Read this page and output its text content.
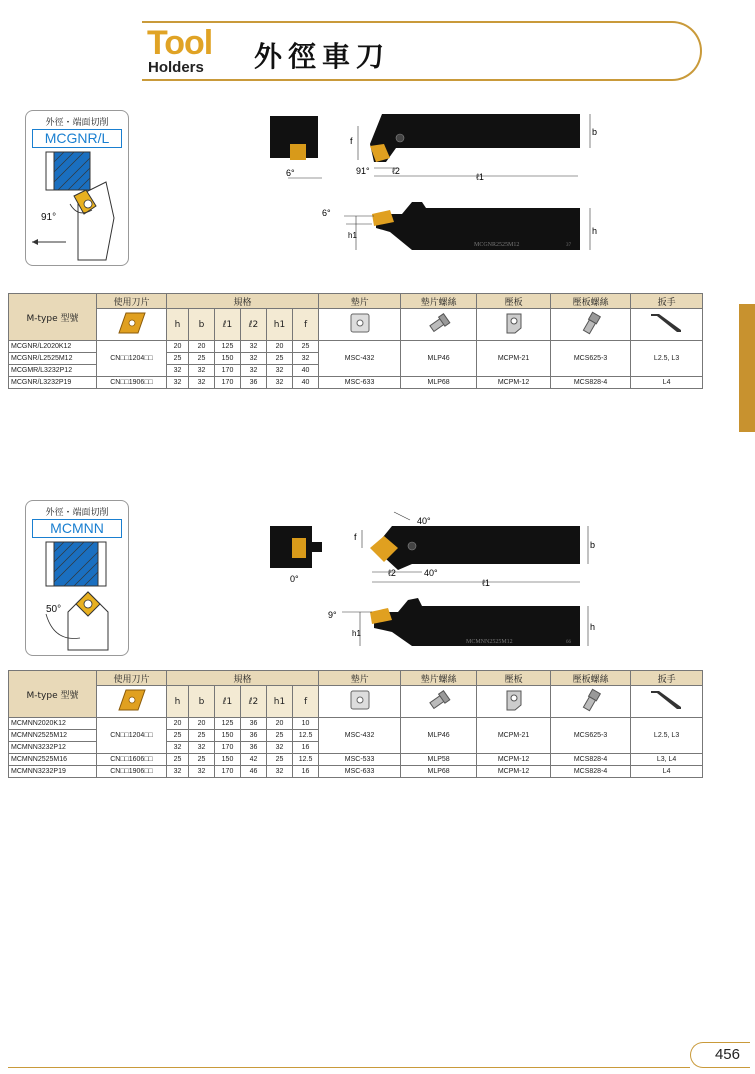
Tool
Holders 外徑車刀
外徑・端面切削
MCGNR/L
91°
6°
f
b
ℓ2
ℓ1
91°
MCGNR2525M12	37
6°
h1	h
M-type 型號	使用刀片	規格						墊片	墊片螺絲	壓板	壓板螺絲	扳手
	h	b	ℓ1	ℓ2	h1	f					
MCGNR/L2020K12	CN□□1204□□	20	20	125	32	20	25	MSC-432	MLP46	MCPM-21	MCS625-3	L2.5, L3
MCGNR/L2525M12		25	25	150	32	25	32					
MCGMR/L3232P12		32	32	170	32	32	40					
MCGNR/L3232P19	CN□□1906□□	32	32	170	36	32	40	MSC-633	MLP68	MCPM-12	MCS828-4	L4
外徑・端面切削
MCMNN
50°
0°
40°
f
b
ℓ2	40°
ℓ1
MCMNN2525M12	66
9°
h1
h
M-type 型號	使用刀片	規格						墊片	墊片螺絲	壓板	壓板螺絲	扳手
	h	b	ℓ1	ℓ2	h1	f					
MCMNN2020K12	CN□□1204□□	20	20	125	36	20	10	MSC-432	MLP46	MCPM-21	MCS625-3	L2.5, L3
MCMNN2525M12		25	25	150	36	25	12.5					
MCMNN3232P12		32	32	170	36	32	16					
MCMNN2525M16	CN□□1606□□	25	25	150	42	25	12.5	MSC-533	MLP58	MCPM-12	MCS828-4	L3, L4
MCMNN3232P19	CN□□1906□□	32	32	170	46	32	16	MSC-633	MLP68	MCPM-12	MCS828-4	L4
456
